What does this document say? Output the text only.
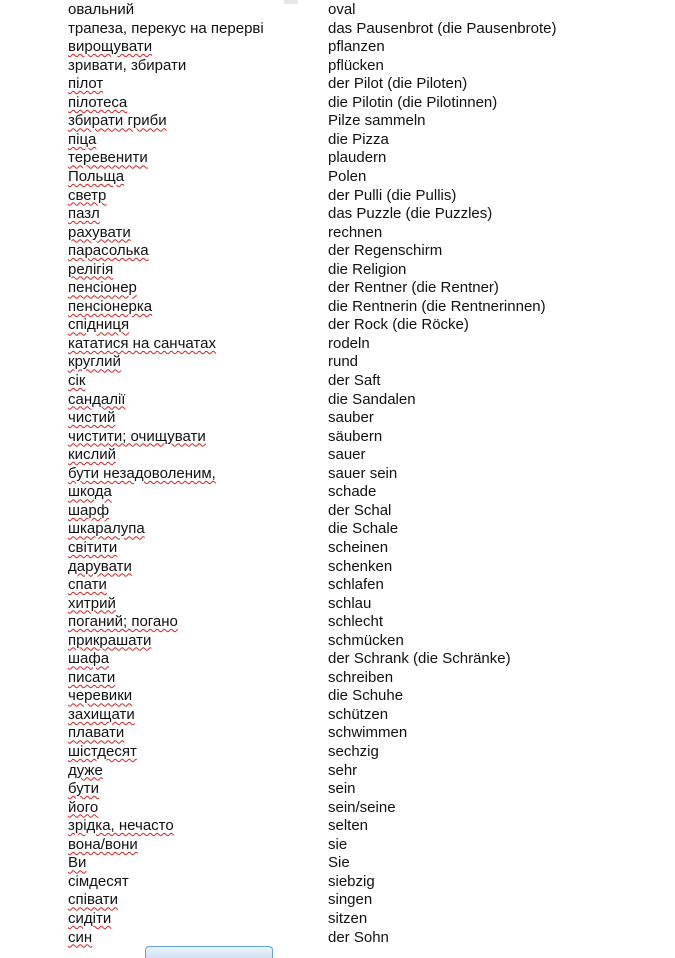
овальний	oval
трапеза, перекус на перерві	das Pausenbrot (die Pausenbrote)
вирощувати	pflanzen
зривати, збирати	pflücken
пілот	der Pilot (die Piloten)
пілотеса	die Pilotin (die Pilotinnen)
збирати гриби	Pilze sammeln
піца	die Pizza
теревенити	plaudern
Польща	Polen
светр	der Pulli (die Pullis)
пазл	das Puzzle (die Puzzles)
рахувати	rechnen
парасолька	der Regenschirm
релігія	die Religion
пенсіонер	der Rentner (die Rentner)
пенсіонерка	die Rentnerin (die Rentnerinnen)
спідниця	der Rock (die Röcke)
кататися на санчатах	rodeln
круглий	rund
сік	der Saft
сандалії	die Sandalen
чистий	sauber
чистити; очищувати	säubern
кислий	sauer
бути незадоволеним,	sauer sein
шкода	schade
шарф	der Schal
шкаралупа	die Schale
світити	scheinen
дарувати	schenken
спати	schlafen
хитрий	schlau
поганий; погано	schlecht
прикрашати	schmücken
шафа	der Schrank (die Schränke)
писати	schreiben
черевики	die Schuhe
захищати	schützen
плавати	schwimmen
шістдесят	sechzig
дуже	sehr
бути	sein
його	sein/seine
зрідка, нечасто	selten
вона/вони	sie
Ви	Sie
сімдесят	siebzig
співати	singen
сидіти	sitzen
син	der Sohn
